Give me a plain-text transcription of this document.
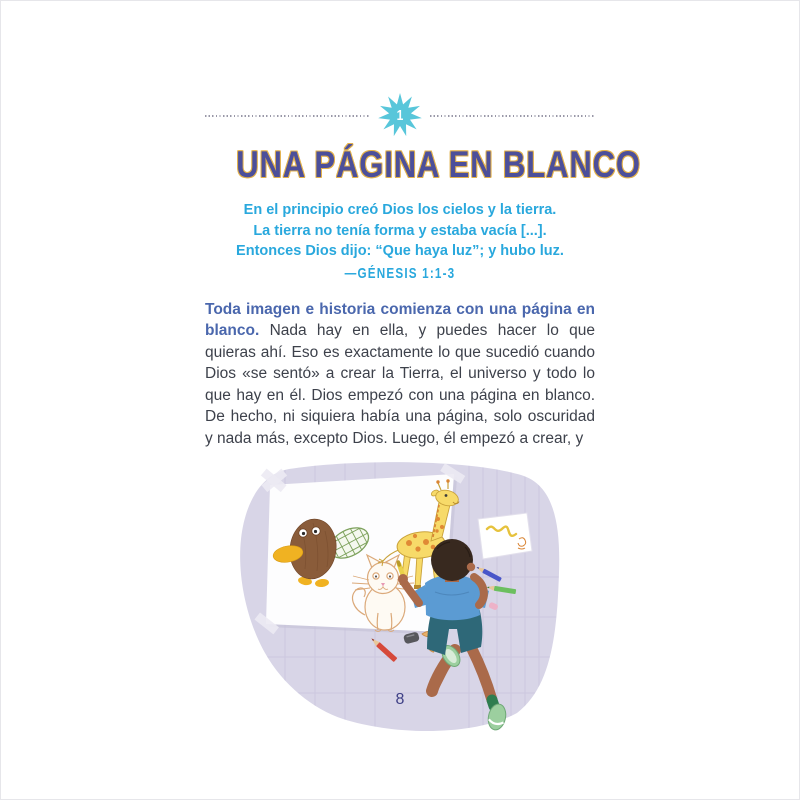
1
UNA PÁGINA EN BLANCO
En el principio creó Dios los cielos y la tierra.
La tierra no tenía forma y estaba vacía [...].
Entonces Dios dijo: “Que haya luz”; y hubo luz.
—GÉNESIS 1:1-3

Toda imagen e historia comienza con una página en blanco. Nada hay en ella, y puedes hacer lo que quieras ahí. Eso es exactamente lo que sucedió cuando Dios «se sentó» a crear la Tierra, el universo y todo lo que hay en él. Dios empezó con una página en blanco. De hecho, ni siquiera había una página, solo oscuridad y nada más, excepto Dios. Luego, él empezó a crear, y

8
